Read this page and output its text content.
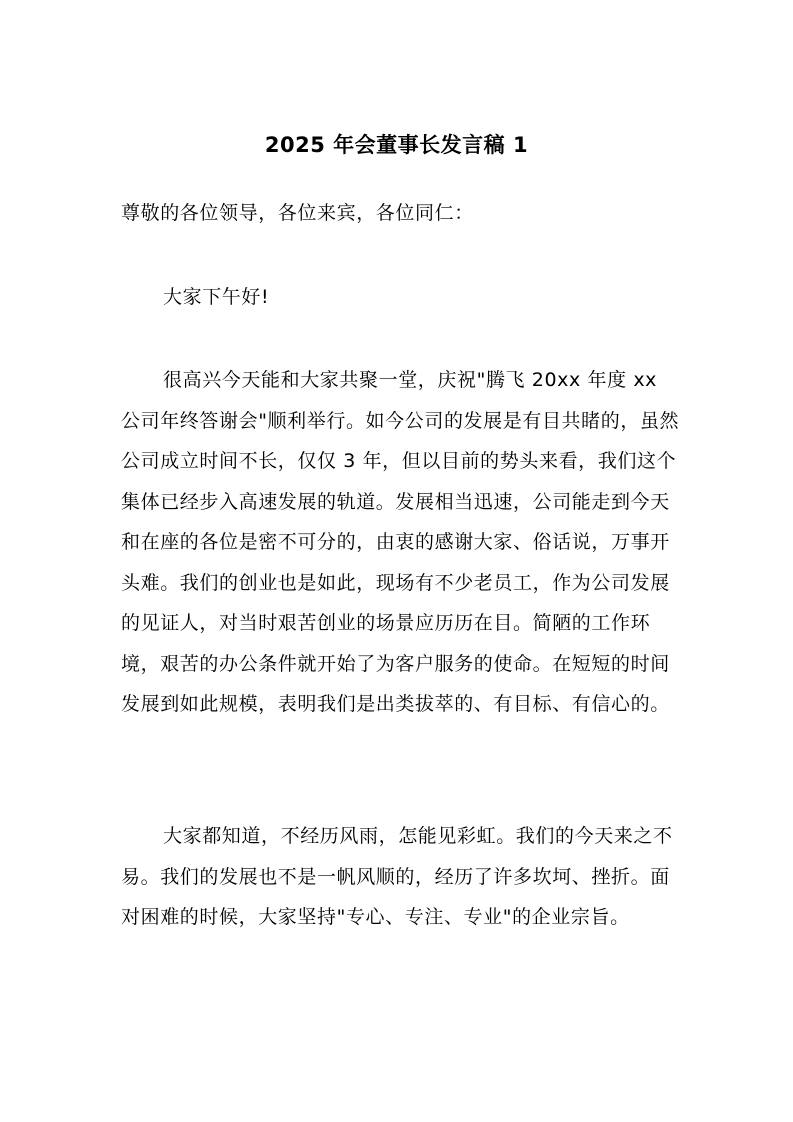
2025 年会董事长发言稿 1

尊敬的各位领导，各位来宾，各位同仁：

大家下午好!

很高兴今天能和大家共聚一堂，庆祝"腾飞 20xx 年度 xx 公司年终答谢会"顺利举行。如今公司的发展是有目共睹的，虽然公司成立时间不长，仅仅 3 年，但以目前的势头来看，我们这个集体已经步入高速发展的轨道。发展相当迅速，公司能走到今天和在座的各位是密不可分的，由衷的感谢大家、俗话说，万事开头难。我们的创业也是如此，现场有不少老员工，作为公司发展的见证人，对当时艰苦创业的场景应历历在目。简陋的工作环境，艰苦的办公条件就开始了为客户服务的使命。在短短的时间发展到如此规模，表明我们是出类拔萃的、有目标、有信心的。

大家都知道，不经历风雨，怎能见彩虹。我们的今天来之不易。我们的发展也不是一帆风顺的，经历了许多坎坷、挫折。面对困难的时候，大家坚持"专心、专注、专业"的企业宗旨。
